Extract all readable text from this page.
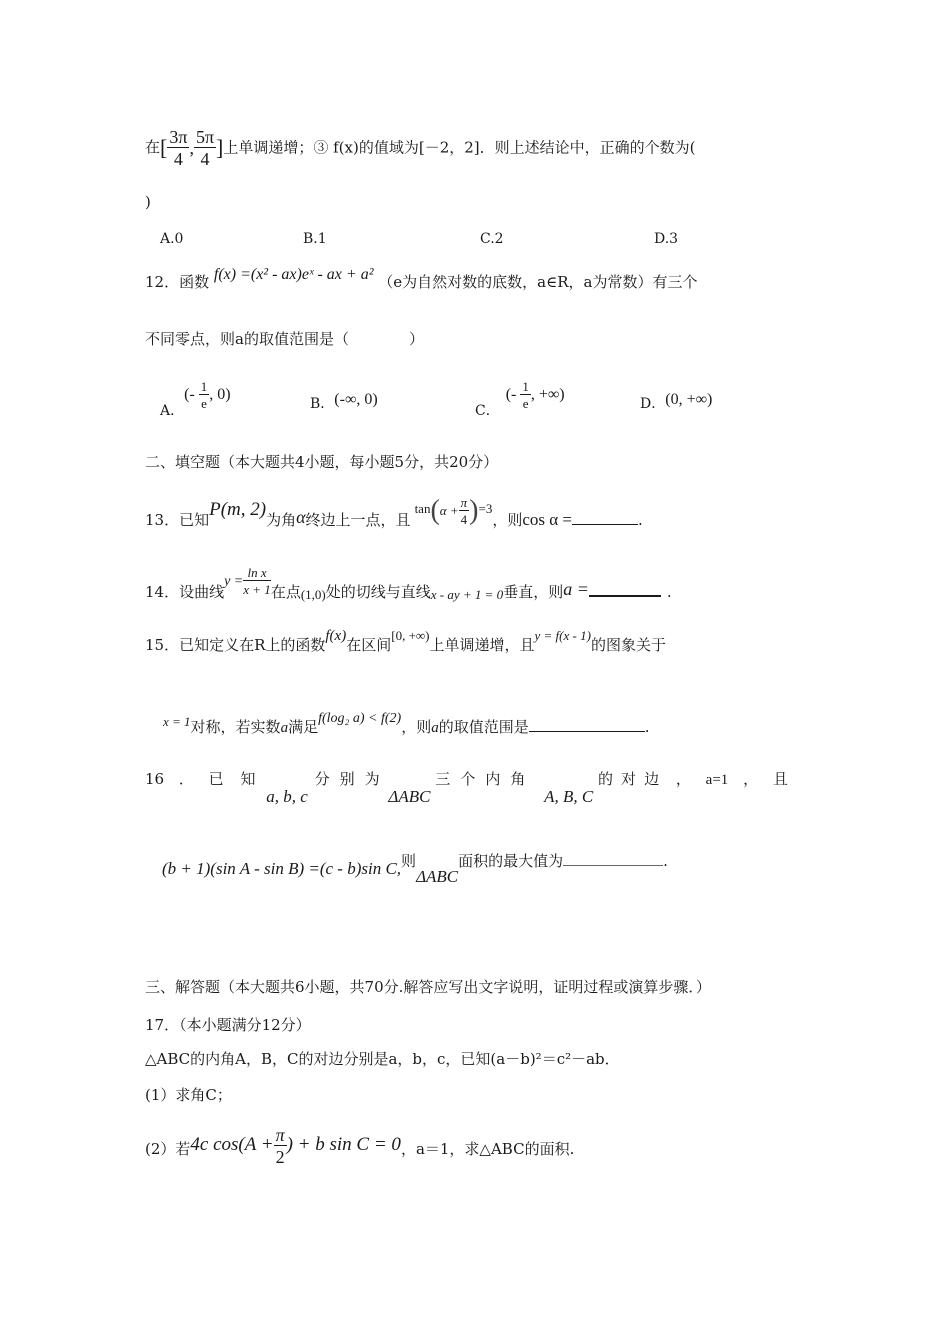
在[ $\frac{3\pi}{4}$ , $\frac{5\pi}{4}$ ]上单调递增；③ f(x)的值域为[－2，2]．则上述结论中，正确的个数为(
)
A.0	B.1	C.2	D.3
12．函数 f(x) =(x² - ax)eˣ - ax + a² （e为自然对数的底数，a∈R，a为常数）有三个
不同零点，则a的取值范围是（　　　　）
A．(- $\frac{1}{e}$ , 0)
B．(-∞, 0)
C．(- $\frac{1}{e}$ , +∞)
D．(0, +∞)
二、填空题（本大题共4小题，每小题5分，共20分）
13．已知P(m, 2)为角α终边上一点，且$\tan(\alpha + \frac{\pi}{4} )=3$，则cos α =	.
14．设曲线$y = \frac{\text{ln x}}{x + 1}$ 在点(1,0)处的切线与直线x - ay + 1 = 0垂直，则a =	.
15．已知定义在R上的函数f(x)在区间[0, +∞)上单调递增，且y = f(x - 1)的图象关于
x = 1对称，若实数a满足f(log₂ a) < f(2)，则a的取值范围是	.
16 ． 已 知 a, b, c 分 别 为 ΔABC 三 个 内 角 A, B, C 的 对 边 ， a=1 ， 且
(b + 1)(sin A - sin B) =(c - b)sin C,则ΔABC面积的最大值为	.
三、解答题（本大题共6小题，共70分.解答应写出文字说明，证明过程或演算步骤．）
17．（本小题满分12分）
△ABC的内角A，B，C的对边分别是a，b，c，已知(a－b)²＝c²－ab．
(1）求角C；
(2）若4c $\cos(A + \frac{\pi}{2}$ ) + b sin C = 0，a＝1，求△ABC的面积.
